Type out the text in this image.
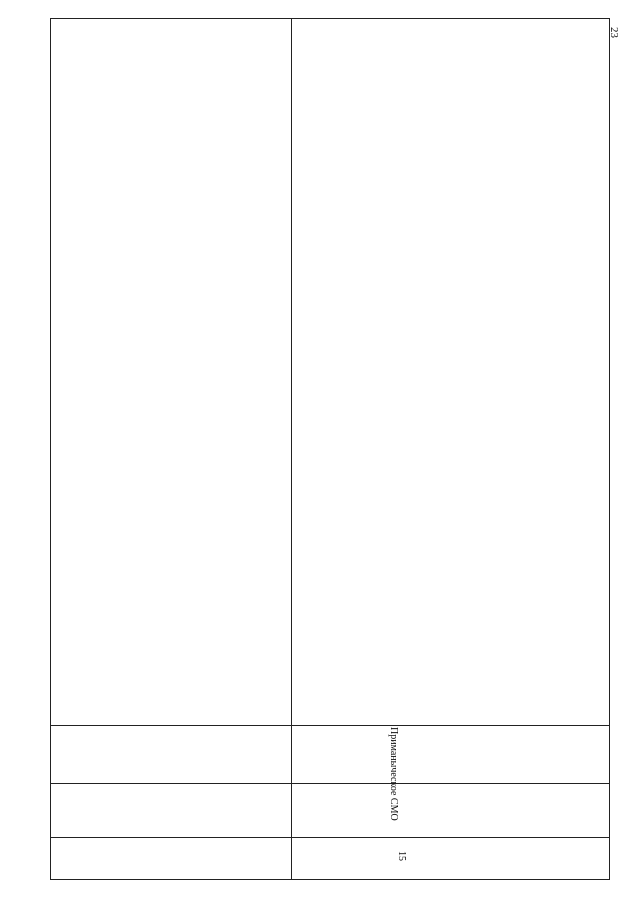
23
15
Приманыческое СМО
